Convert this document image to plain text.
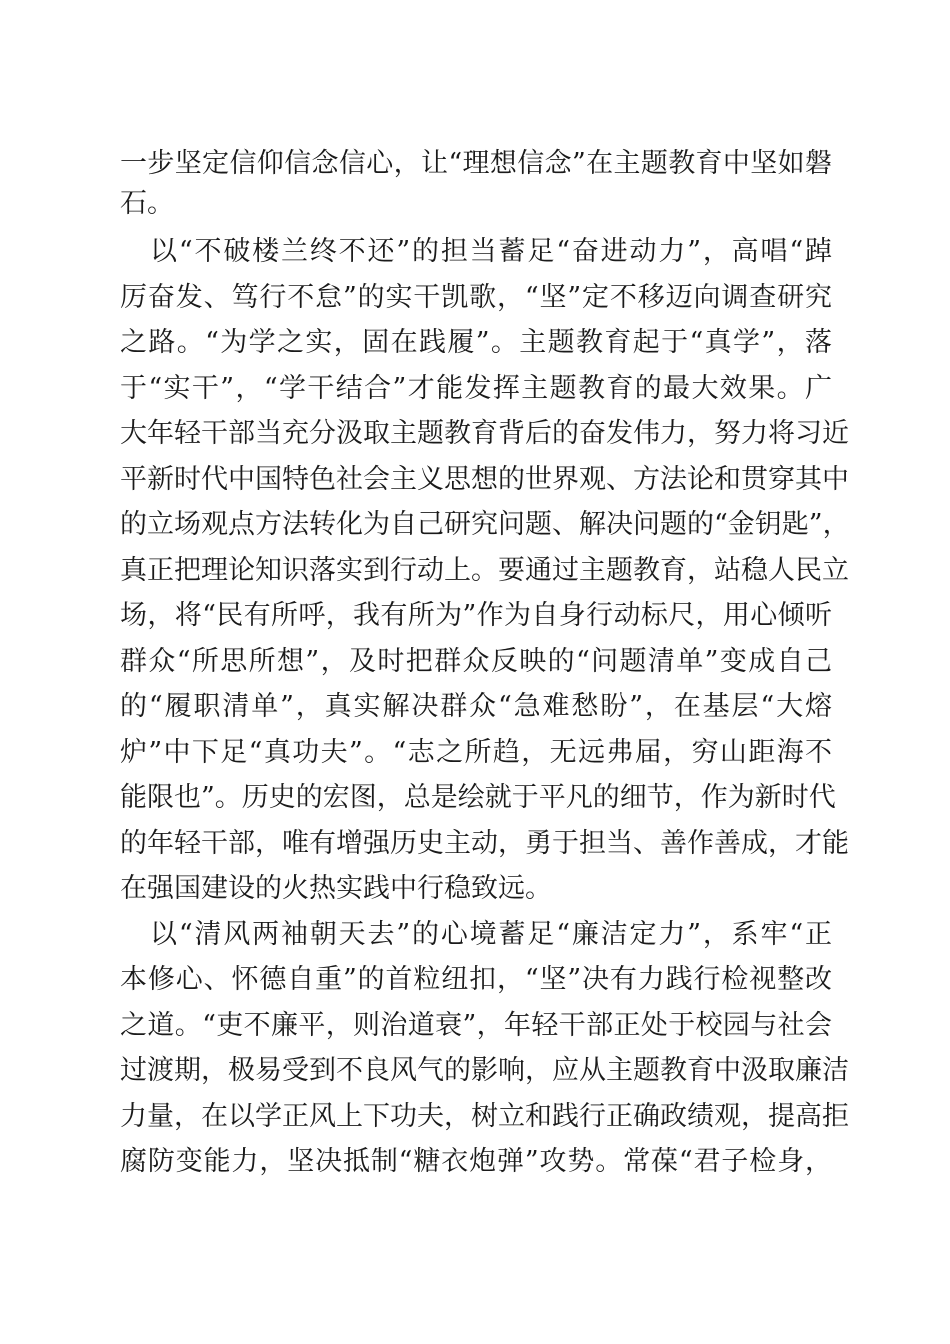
一步坚定信仰信念信心，让“理想信念”在主题教育中坚如磐

石。

以“不破楼兰终不还”的担当蓄足“奋进动力”，高唱“踔

厉奋发、笃行不怠”的实干凯歌，“坚”定不移迈向调查研究

之路。“为学之实，固在践履”。主题教育起于“真学”，落

于“实干”，“学干结合”才能发挥主题教育的最大效果。广

大年轻干部当充分汲取主题教育背后的奋发伟力，努力将习近

平新时代中国特色社会主义思想的世界观、方法论和贯穿其中

的立场观点方法转化为自己研究问题、解决问题的“金钥匙”，

真正把理论知识落实到行动上。要通过主题教育，站稳人民立

场，将“民有所呼，我有所为”作为自身行动标尺，用心倾听

群众“所思所想”，及时把群众反映的“问题清单”变成自己

的“履职清单”，真实解决群众“急难愁盼”，在基层“大熔

炉”中下足“真功夫”。“志之所趋，无远弗届，穷山距海不

能限也”。历史的宏图，总是绘就于平凡的细节，作为新时代

的年轻干部，唯有增强历史主动，勇于担当、善作善成，才能

在强国建设的火热实践中行稳致远。

以“清风两袖朝天去”的心境蓄足“廉洁定力”，系牢“正

本修心、怀德自重”的首粒纽扣，“坚”决有力践行检视整改

之道。“吏不廉平，则治道衰”，年轻干部正处于校园与社会

过渡期，极易受到不良风气的影响，应从主题教育中汲取廉洁

力量，在以学正风上下功夫，树立和践行正确政绩观，提高拒

腐防变能力，坚决抵制“糖衣炮弹”攻势。常葆“君子检身，
